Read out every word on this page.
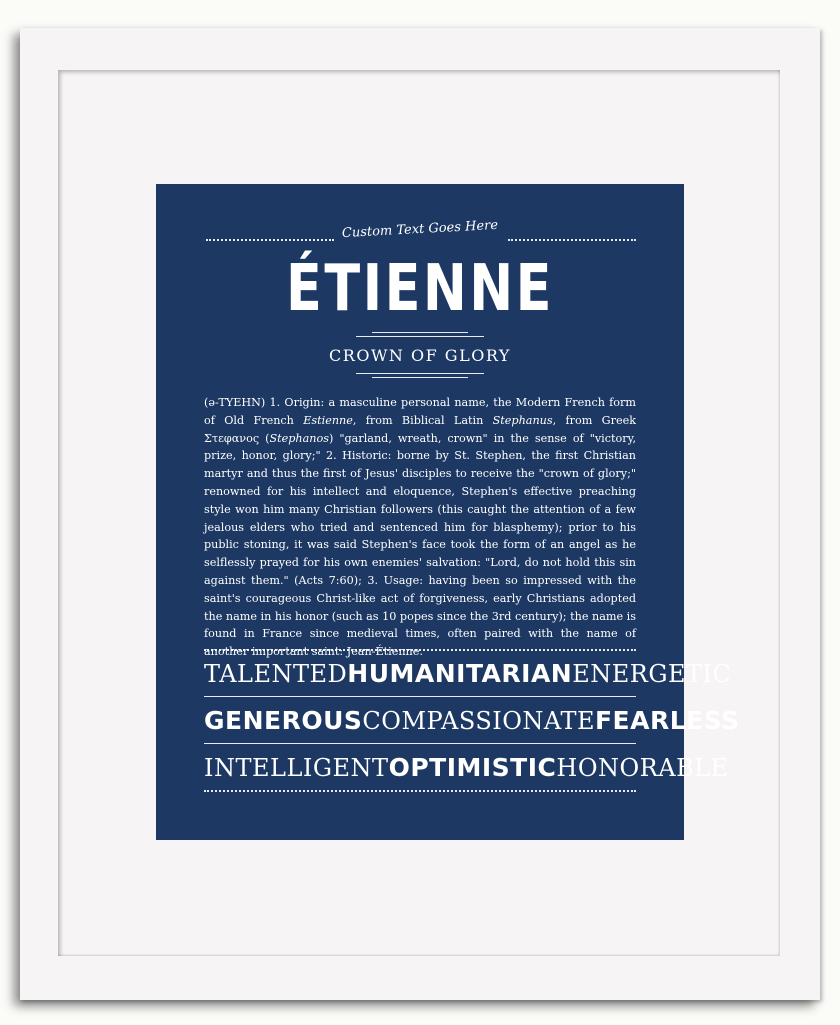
Custom Text Goes Here
ÉTIENNE
CROWN OF GLORY
(ə-TYEHN) 1. Origin: a masculine personal name, the Modern French form of Old French Estienne, from Biblical Latin Stephanus, from Greek Στεφανος (Stephanos) "garland, wreath, crown" in the sense of "victory, prize, honor, glory;" 2. Historic: borne by St. Stephen, the first Christian martyr and thus the first of Jesus' disciples to receive the "crown of glory;" renowned for his intellect and eloquence, Stephen's effective preaching style won him many Christian followers (this caught the attention of a few jealous elders who tried and sentenced him for blasphemy); prior to his public stoning, it was said Stephen's face took the form of an angel as he selflessly prayed for his own enemies' salvation: "Lord, do not hold this sin against them." (Acts 7:60); 3. Usage: having been so impressed with the saint's courageous Christ-like act of forgiveness, early Christians adopted the name in his honor (such as 10 popes since the 3rd century); the name is found in France since medieval times, often paired with the name of another important saint: Jean-Étienne.
TALENTED HUMANITARIAN ENERGETIC
GENEROUS COMPASSIONATE FEARLESS
INTELLIGENT OPTIMISTIC HONORABLE
